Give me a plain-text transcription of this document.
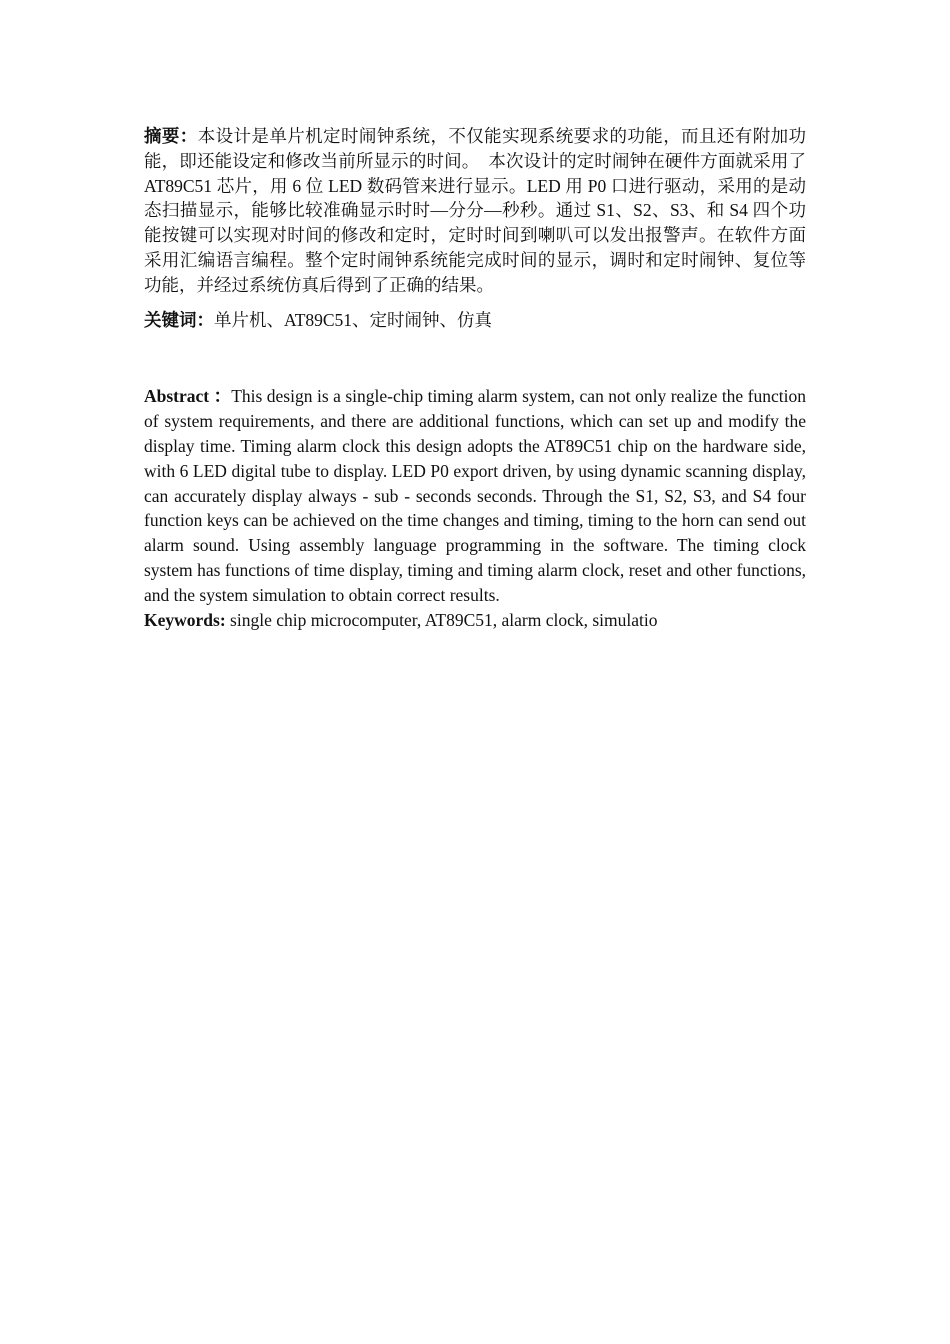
摘要：本设计是单片机定时闹钟系统，不仅能实现系统要求的功能，而且还有附加功能，即还能设定和修改当前所显示的时间。　本次设计的定时闹钟在硬件方面就采用了 AT89C51 芯片，用 6 位 LED 数码管来进行显示。LED 用 P0 口进行驱动，采用的是动态扫描显示，能够比较准确显示时时—分分—秒秒。通过 S1、S2、S3、和 S4 四个功能按键可以实现对时间的修改和定时，定时时间到喇叭可以发出报警声。在软件方面采用汇编语言编程。整个定时闹钟系统能完成时间的显示，调时和定时闹钟、复位等功能，并经过系统仿真后得到了正确的结果。

关键词：单片机、AT89C51、定时闹钟、仿真

Abstract ：This design is a single-chip timing alarm system, can not only realize the function of system requirements, and there are additional functions, which can set up and modify the display time. Timing alarm clock this design adopts the AT89C51 chip on the hardware side, with 6 LED digital tube to display. LED P0 export driven, by using dynamic scanning display, can accurately display always - sub - seconds seconds. Through the S1, S2, S3, and S4 four function keys can be achieved on the time changes and timing, timing to the horn can send out alarm sound. Using assembly language programming in the software. The timing clock system has functions of time display, timing and timing alarm clock, reset and other functions, and the system simulation to obtain correct results.

Keywords: single chip microcomputer, AT89C51, alarm clock, simulatio
